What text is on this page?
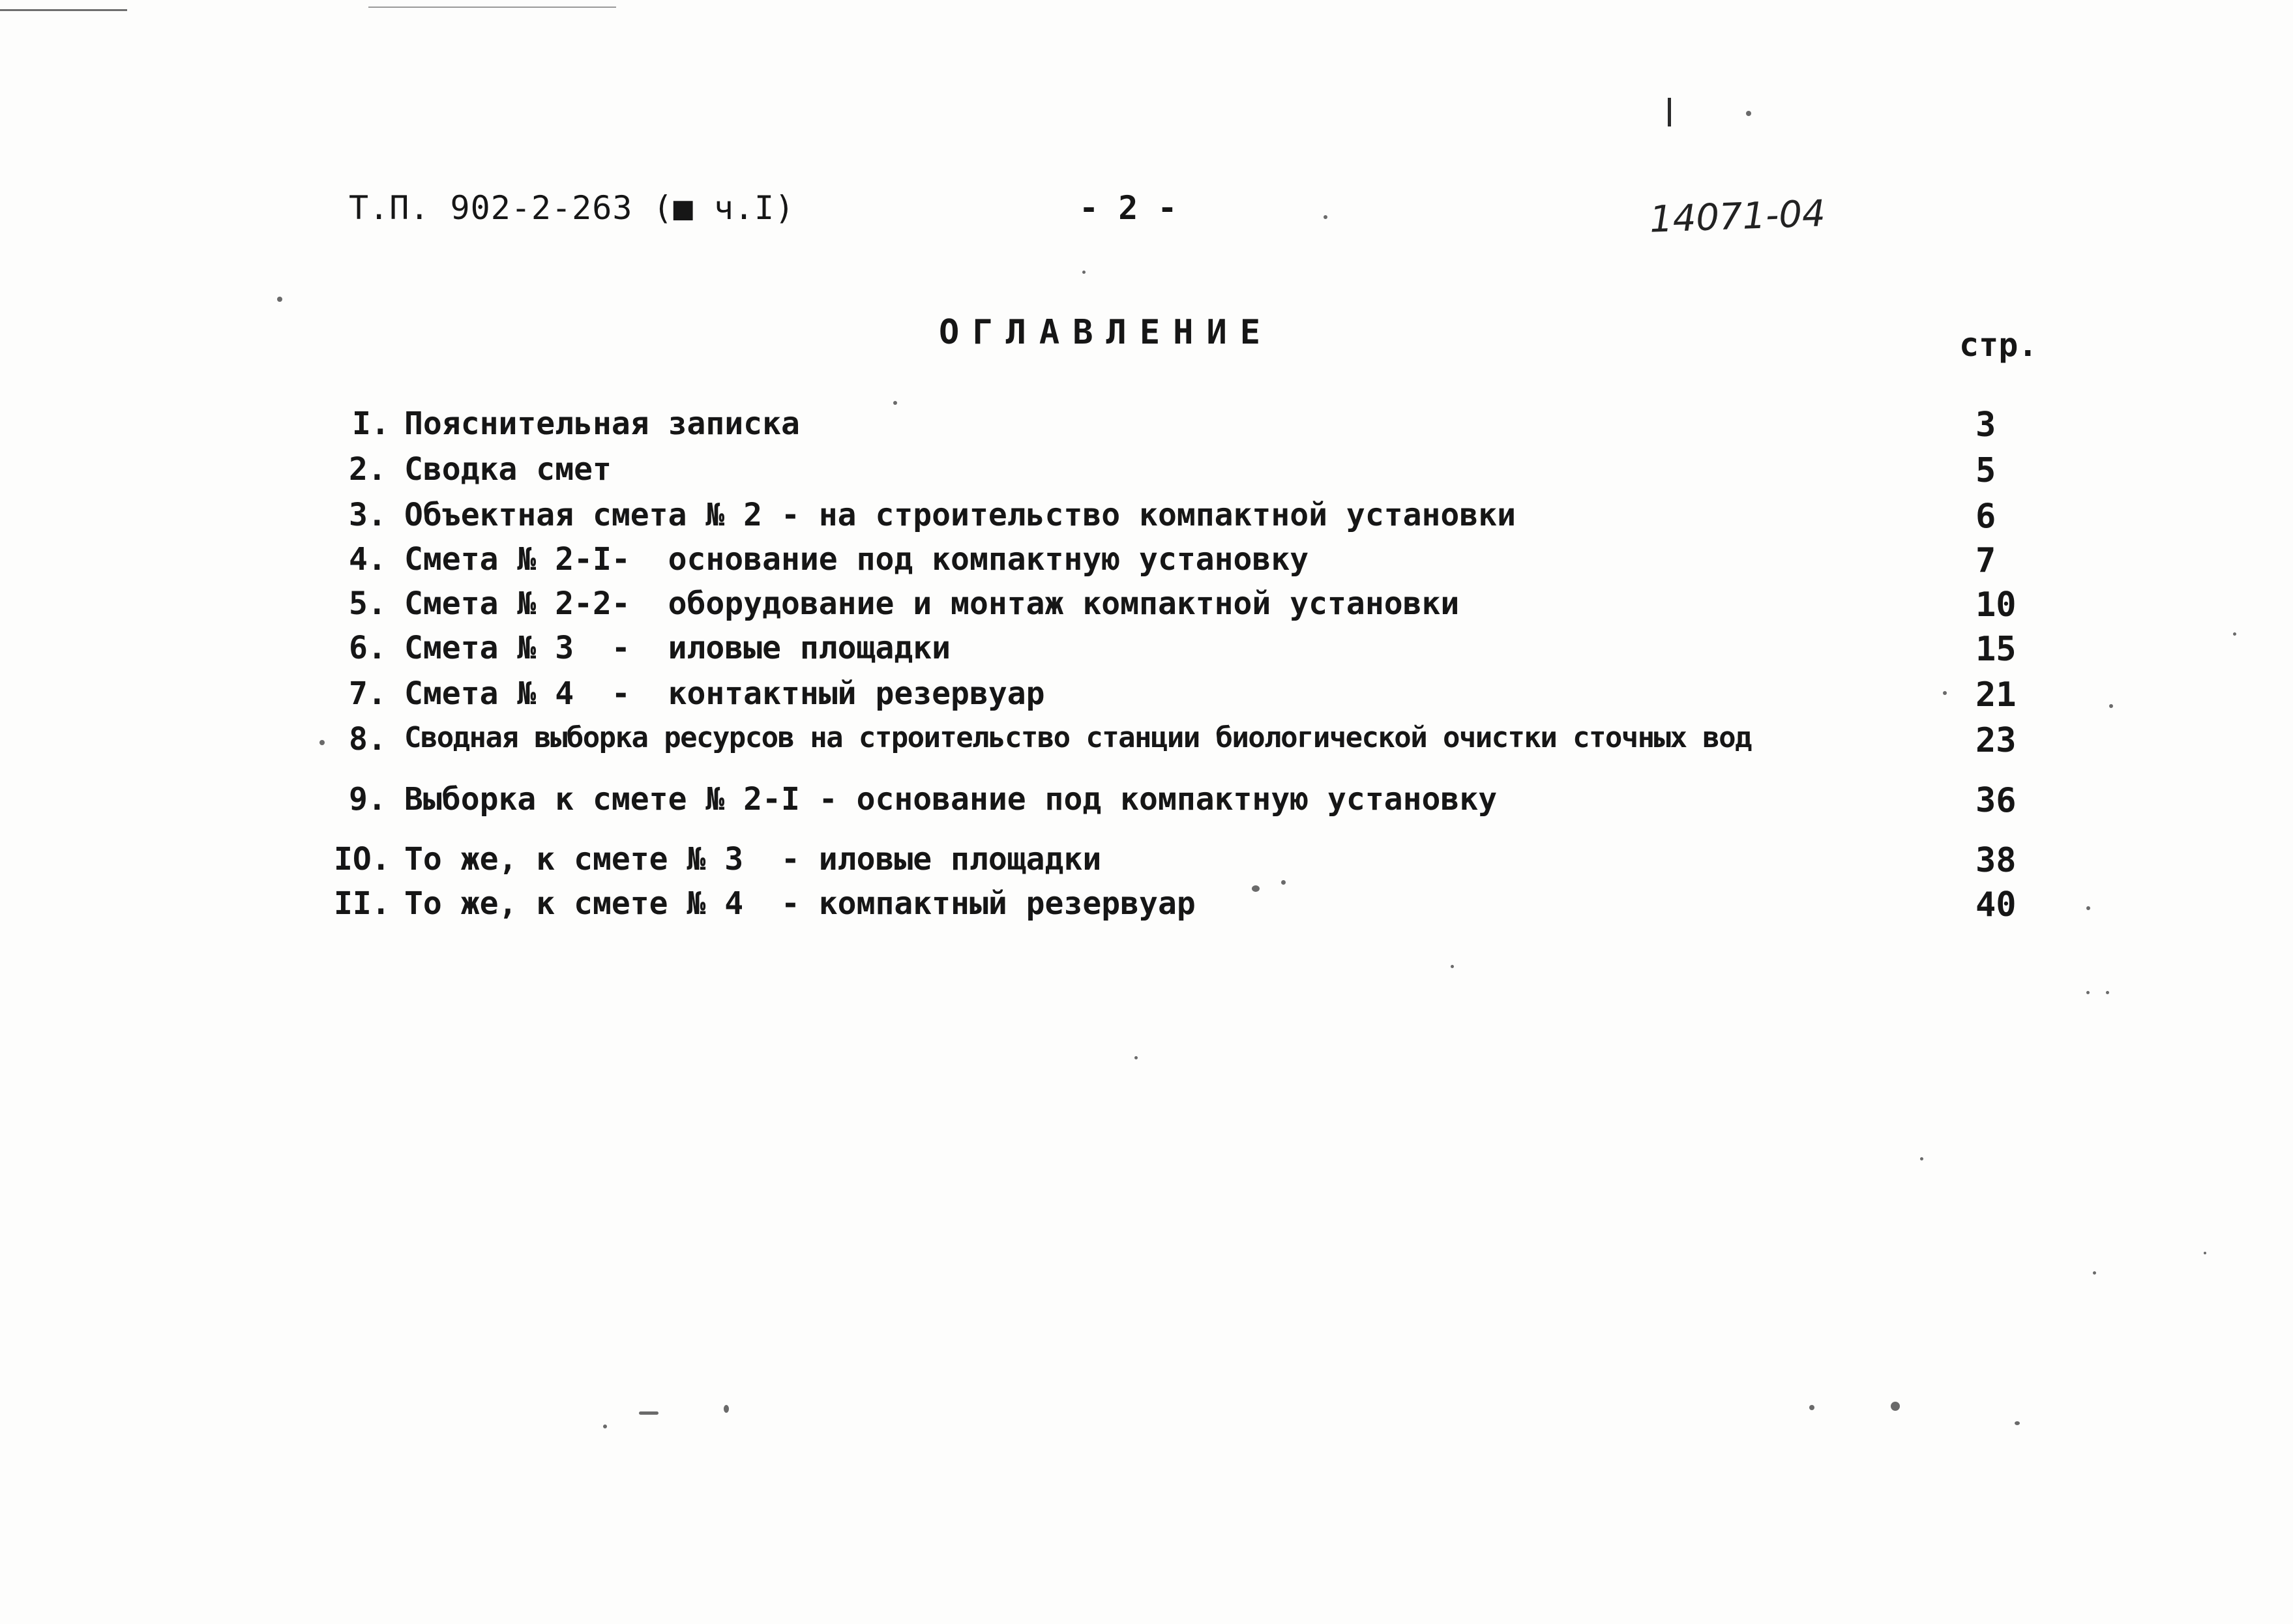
Т.П. 902-2-263 (■ ч.I)	- 2 -	14071-04
ОГЛАВЛЕНИЕ	стр.
I. Пояснительная записка	3
2. Сводка смет	5
3. Объектная смета № 2 - на строительство компактной установки	6
4. Смета № 2-I-  основание под компактную установку	7
5. Смета № 2-2-  оборудование и монтаж компактной установки	10
6. Смета № 3  -  иловые площадки	15
7. Смета № 4  -  контактный резервуар	21
8. Сводная выборка ресурсов на строительство станции биологической очистки сточных вод	23
9. Выборка к смете № 2-I - основание под компактную установку	36
IO. То же, к смете № 3  - иловые площадки	38
II. То же, к смете № 4  - компактный резервуар	40
